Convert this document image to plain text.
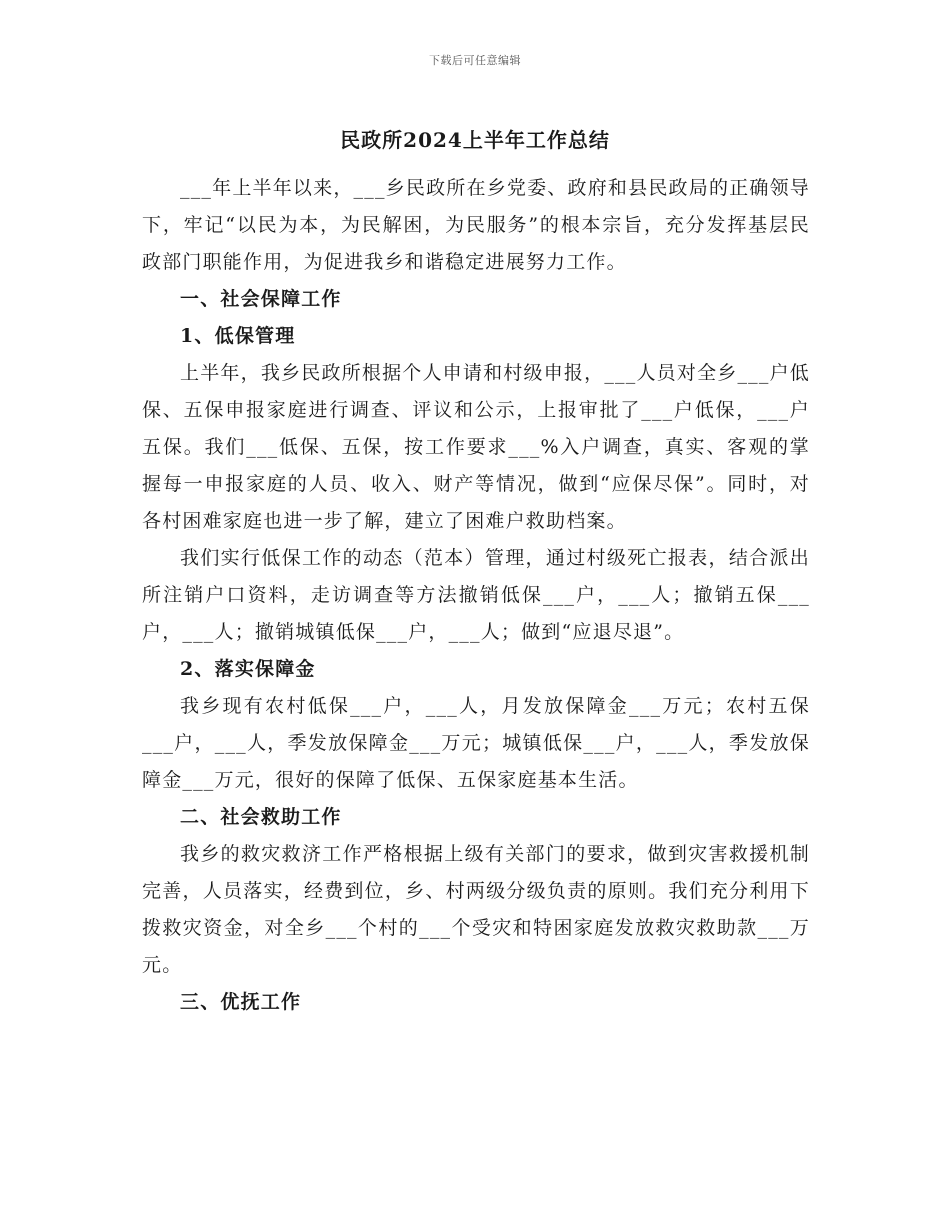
下载后可任意编辑
民政所2024上半年工作总结

___年上半年以来，___乡民政所在乡党委、政府和县民政局的正确领导下，牢记“以民为本，为民解困，为民服务”的根本宗旨，充分发挥基层民政部门职能作用，为促进我乡和谐稳定进展努力工作。

一、社会保障工作

1、低保管理

上半年，我乡民政所根据个人申请和村级申报，___人员对全乡___户低保、五保申报家庭进行调查、评议和公示，上报审批了___户低保，___户五保。我们___低保、五保，按工作要求___%入户调查，真实、客观的掌握每一申报家庭的人员、收入、财产等情况，做到“应保尽保”。同时，对各村困难家庭也进一步了解，建立了困难户救助档案。

我们实行低保工作的动态（范本）管理，通过村级死亡报表，结合派出所注销户口资料，走访调查等方法撤销低保___户，___人；撤销五保___户，___人；撤销城镇低保___户，___人；做到“应退尽退”。

2、落实保障金

我乡现有农村低保___户，___人，月发放保障金___万元；农村五保___户，___人，季发放保障金___万元；城镇低保___户，___人，季发放保障金___万元，很好的保障了低保、五保家庭基本生活。

二、社会救助工作

我乡的救灾救济工作严格根据上级有关部门的要求，做到灾害救援机制完善，人员落实，经费到位，乡、村两级分级负责的原则。我们充分利用下拨救灾资金，对全乡___个村的___个受灾和特困家庭发放救灾救助款___万元。

三、优抚工作
